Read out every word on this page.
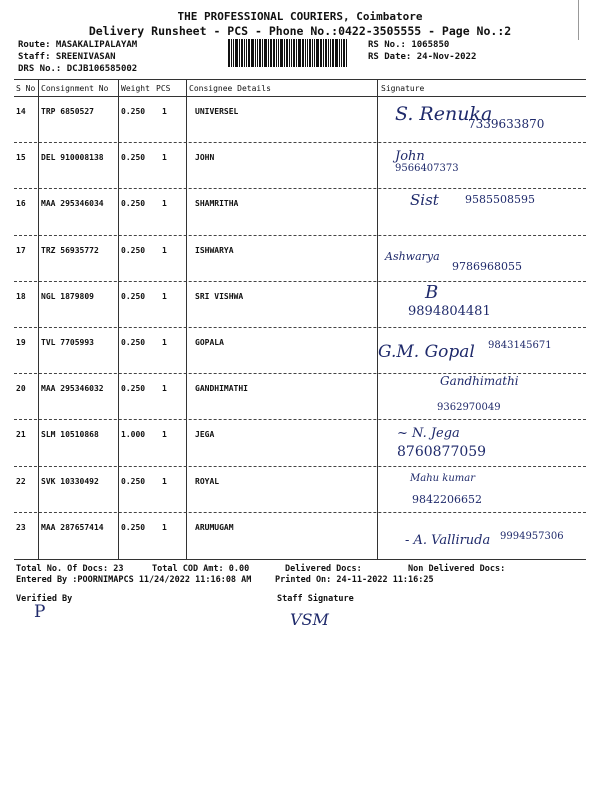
THE PROFESSIONAL COURIERS, Coimbatore
Delivery Runsheet - PCS - Phone No.:0422-3505555 - Page No.:2
Route: MASAKALIPALAYAM
Staff: SREENIVASAN
DRS No.: DCJB106585002
RS No.: 1065850
RS Date: 24-Nov-2022
S No Consignment No Weight PCS Consignee Details	Signature
14 TRP 6850527	0.250 1	UNIVERSEL	S. Renuka
7339633870
15 DEL 910008138 0.250 1	JOHN	John
9566407373
16 MAA 295346034 0.250 1	SHAMRITHA	Sist 9585508595
17 TRZ 56935772	0.250 1	ISHWARYA	Ashwarya
9786968055
18 NGL 1879809	0.250 1	SRI VISHWA	B
9894804481
19 TVL 7705993	0.250 1	GOPALA	G.M. Gopal 9843145671
20 MAA 295346032 0.250 1	GANDHIMATHI
Gandhimathi
9362970049
21 SLM 10510868	1.000 1	JEGA	~ N. Jega
8760877059
22 SVK 10330492	0.250 1	ROYAL	Mahu kumar
9842206652
23 MAA 287657414 0.250 1	ARUMUGAM
- A. Valliruda 9994957306
Total No. Of Docs: 23	Total COD Amt: 0.00	Delivered Docs:	Non Delivered Docs:
Entered By :POORNIMAPCS 11/24/2022 11:16:08 AM	Printed On: 24-11-2022 11:16:25
Verified By
P
Staff Signature
VSM
